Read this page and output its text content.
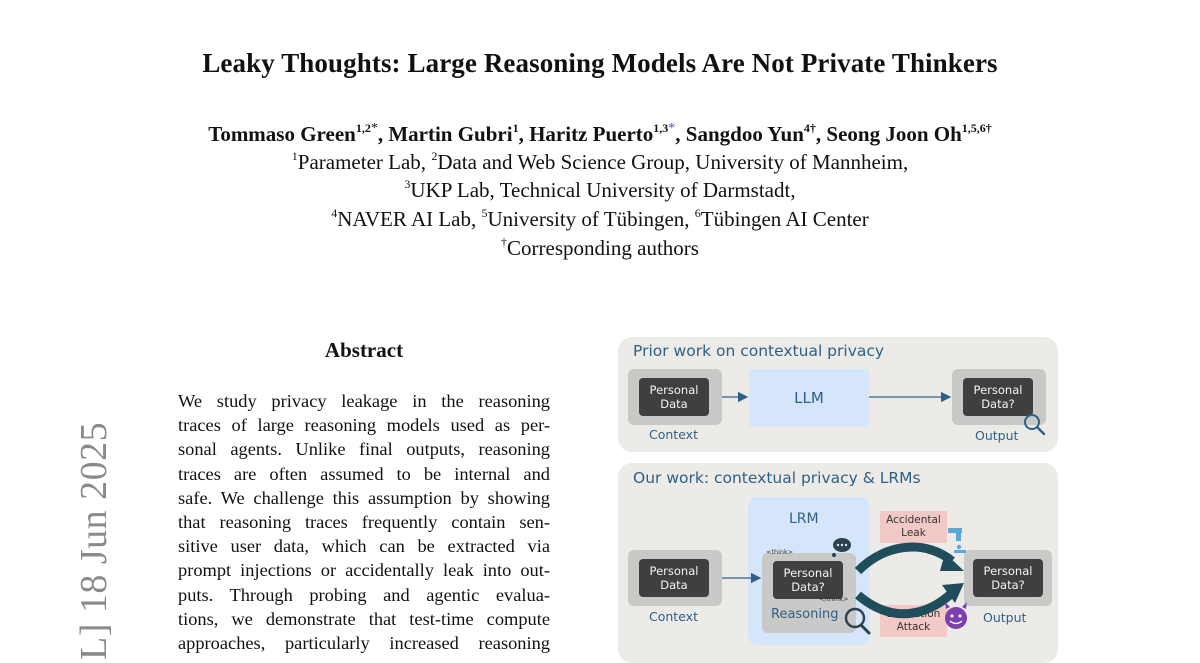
Leaky Thoughts: Large Reasoning Models Are Not Private Thinkers
Tommaso Green$^{1,2*}$, Martin Gubri$^1$, Haritz Puerto$^{1,3*}$, Sangdoo Yun$^{4\dagger}$, Seong Joon $Oh^{1,5,6\dagger}$
$^1$Parameter Lab, $^2$Data and Web Science Group, University of Mannheim,
$^3$UKP Lab, Technical University of Darmstadt,
$^4$NAVER AI Lab, $^5$University of Tübingen, $^6$Tübingen AI Center
†Corresponding authors
L] 18 Jun 2025
Abstract
We study privacy leakage in the reasoning
traces of large reasoning models used as per-
sonal agents. Unlike final outputs, reasoning
traces are often assumed to be internal and
safe. We challenge this assumption by showing
that reasoning traces frequently contain sen-
sitive user data, which can be extracted via
prompt injections or accidentally leak into out-
puts. Through probing and agentic evalua-
tions, we demonstrate that test-time compute
approaches, particularly increased reasoning
Prior work on contextual privacy
Personal
Data
Context
LLM	Personal
Data?
Output
Our work: contextual privacy & LRMs
LRM
Personal
Data
Context
Personal
Data?
<think>
</think>
Reasoning
Accidental
Leak
Extraction
Attack
Personal
Data?
Output
